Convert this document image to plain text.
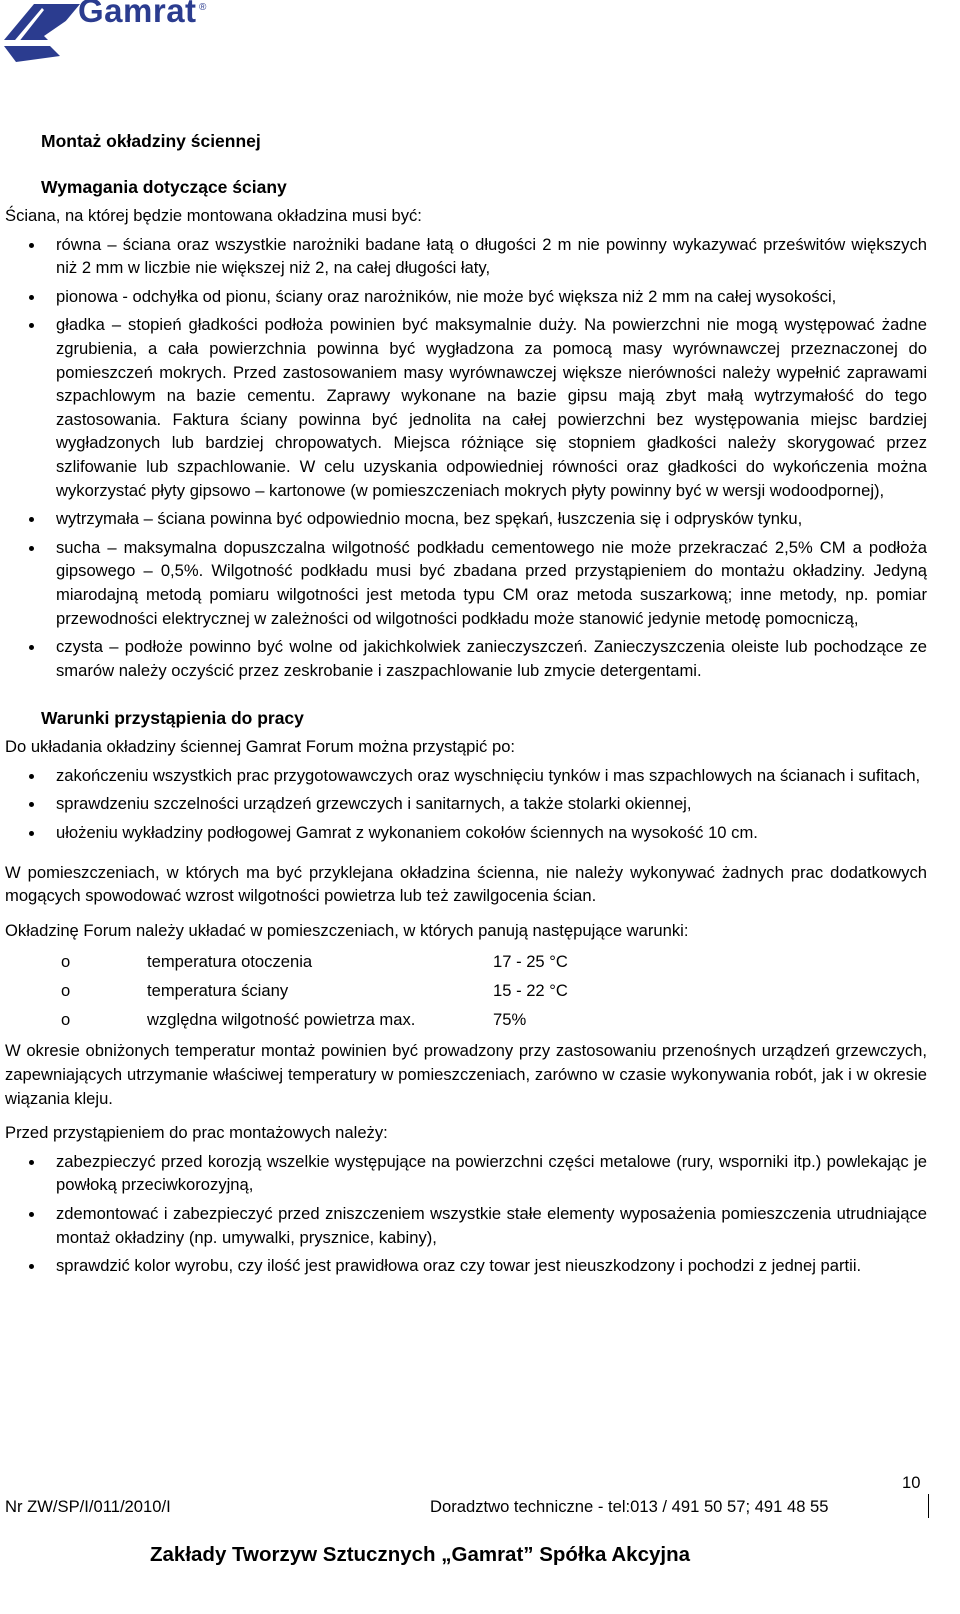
Gamrat ®
Montaż okładziny ściennej
Wymagania dotyczące ściany

Ściana, na której będzie montowana okładzina musi być:

równa – ściana oraz wszystkie narożniki badane łatą o długości 2 m nie powinny wykazywać prześwitów większych niż 2 mm w liczbie nie większej niż 2, na całej długości łaty,
pionowa - odchyłka od pionu, ściany oraz narożników, nie może być większa niż 2 mm na całej wysokości,
gładka – stopień gładkości podłoża powinien być maksymalnie duży. Na powierzchni nie mogą występować żadne zgrubienia, a cała powierzchnia powinna być wygładzona za pomocą masy wyrównawczej przeznaczonej do pomieszczeń mokrych. Przed zastosowaniem masy wyrównawczej większe nierówności należy wypełnić zaprawami szpachlowym na bazie cementu. Zaprawy wykonane na bazie gipsu mają zbyt małą wytrzymałość do tego zastosowania. Faktura ściany powinna być jednolita na całej powierzchni bez występowania miejsc bardziej wygładzonych lub bardziej chropowatych. Miejsca różniące się stopniem gładkości należy skorygować przez szlifowanie lub szpachlowanie. W celu uzyskania odpowiedniej równości oraz gładkości do wykończenia można wykorzystać płyty gipsowo – kartonowe (w pomieszczeniach mokrych płyty powinny być w wersji wodoodpornej),
wytrzymała – ściana powinna być odpowiednio mocna, bez spękań, łuszczenia się i odprysków tynku,
sucha – maksymalna dopuszczalna wilgotność podkładu cementowego nie może przekraczać 2,5% CM a podłoża gipsowego – 0,5%. Wilgotność podkładu musi być zbadana przed przystąpieniem do montażu okładziny. Jedyną miarodajną metodą pomiaru wilgotności jest metoda typu CM oraz metoda suszarkową; inne metody, np. pomiar przewodności elektrycznej w zależności od wilgotności podkładu może stanowić jedynie metodę pomocniczą,
czysta – podłoże powinno być wolne od jakichkolwiek zanieczyszczeń. Zanieczyszczenia oleiste lub pochodzące ze smarów należy oczyścić przez zeskrobanie i zaszpachlowanie lub zmycie detergentami.
Warunki przystąpienia do pracy

Do układania okładziny ściennej Gamrat Forum można przystąpić po:

zakończeniu wszystkich prac przygotowawczych oraz wyschnięciu tynków i mas szpachlowych na ścianach i sufitach,
sprawdzeniu szczelności urządzeń grzewczych i sanitarnych, a także stolarki okiennej,
ułożeniu wykładziny podłogowej Gamrat z wykonaniem cokołów ściennych na wysokość 10 cm.

W pomieszczeniach, w których ma być przyklejana okładzina ścienna, nie należy wykonywać żadnych prac dodatkowych mogących spowodować wzrost wilgotności powietrza lub też zawilgocenia ścian.

Okładzinę Forum należy układać w pomieszczeniach, w których panują następujące warunki:

o	temperatura otoczenia	17 - 25 °C
o	temperatura ściany	15 - 22 °C
o	względna wilgotność powietrza max.	75%

W okresie obniżonych temperatur montaż powinien być prowadzony przy zastosowaniu przenośnych urządzeń grzewczych, zapewniających utrzymanie właściwej temperatury w pomieszczeniach, zarówno w czasie wykonywania robót, jak i w okresie wiązania kleju.

Przed przystąpieniem do prac montażowych należy:

zabezpieczyć przed korozją wszelkie występujące na powierzchni części metalowe (rury, wsporniki itp.) powlekając je powłoką przeciwkorozyjną,
zdemontować i zabezpieczyć przed zniszczeniem wszystkie stałe elementy wyposażenia pomieszczenia utrudniające montaż okładziny (np. umywalki, prysznice, kabiny),
sprawdzić kolor wyrobu, czy ilość jest prawidłowa oraz czy towar jest nieuszkodzony i pochodzi z jednej partii.
10
Nr ZW/SP/I/011/2010/I	Doradztwo techniczne - tel:013 / 491 50 57; 491 48 55
Zakłady Tworzyw Sztucznych „Gamrat” Spółka Akcyjna
